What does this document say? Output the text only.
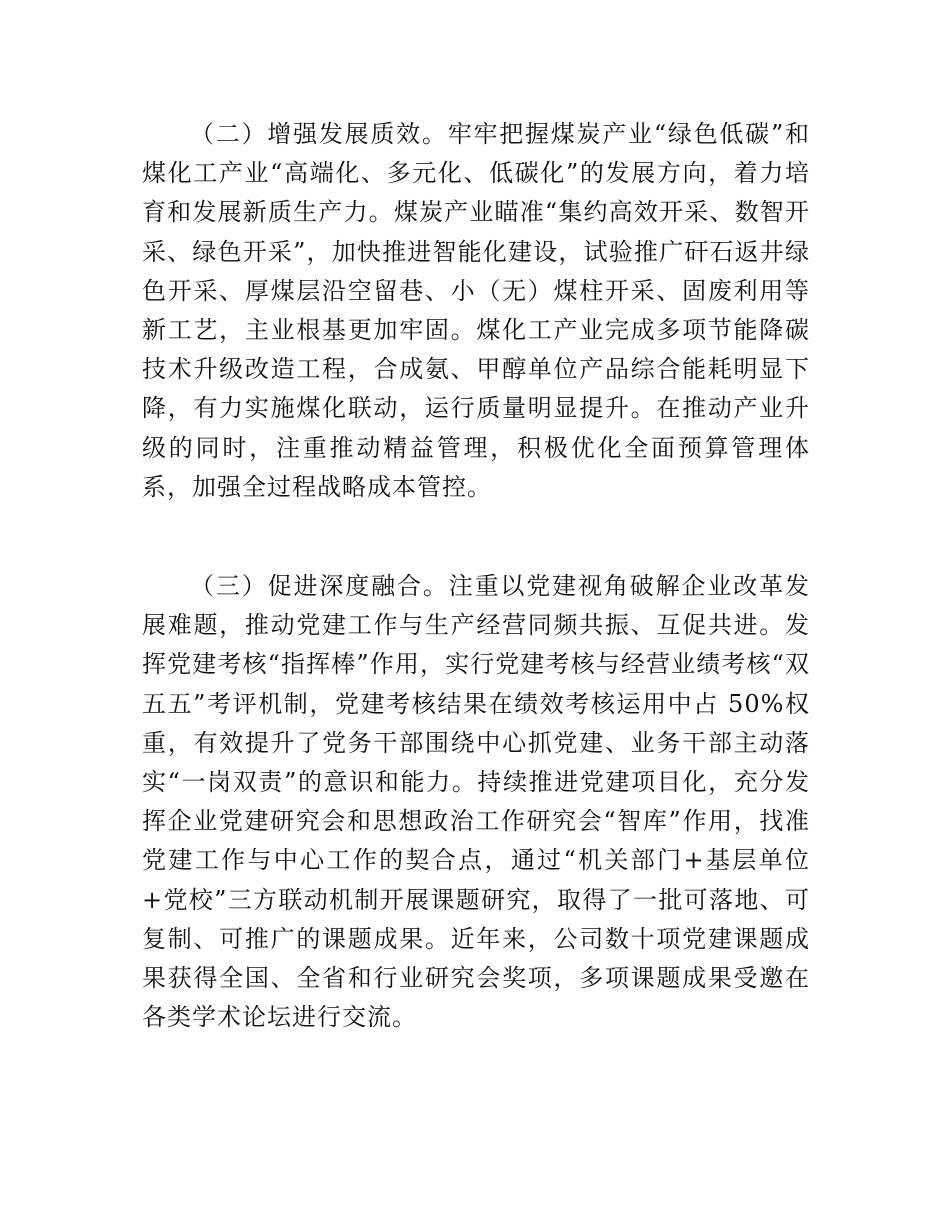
（二）增强发展质效。牢牢把握煤炭产业“绿色低碳”和煤化工产业“高端化、多元化、低碳化”的发展方向，着力培育和发展新质生产力。煤炭产业瞄准“集约高效开采、数智开采、绿色开采”，加快推进智能化建设，试验推广矸石返井绿色开采、厚煤层沿空留巷、小（无）煤柱开采、固废利用等新工艺，主业根基更加牢固。煤化工产业完成多项节能降碳技术升级改造工程，合成氨、甲醇单位产品综合能耗明显下降，有力实施煤化联动，运行质量明显提升。在推动产业升级的同时，注重推动精益管理，积极优化全面预算管理体系，加强全过程战略成本管控。

（三）促进深度融合。注重以党建视角破解企业改革发展难题，推动党建工作与生产经营同频共振、互促共进。发挥党建考核“指挥棒”作用，实行党建考核与经营业绩考核“双五五”考评机制，党建考核结果在绩效考核运用中占 50%权重，有效提升了党务干部围绕中心抓党建、业务干部主动落实“一岗双责”的意识和能力。持续推进党建项目化，充分发挥企业党建研究会和思想政治工作研究会“智库”作用，找准党建工作与中心工作的契合点，通过“机关部门+基层单位+党校”三方联动机制开展课题研究，取得了一批可落地、可复制、可推广的课题成果。近年来，公司数十项党建课题成果获得全国、全省和行业研究会奖项，多项课题成果受邀在各类学术论坛进行交流。
